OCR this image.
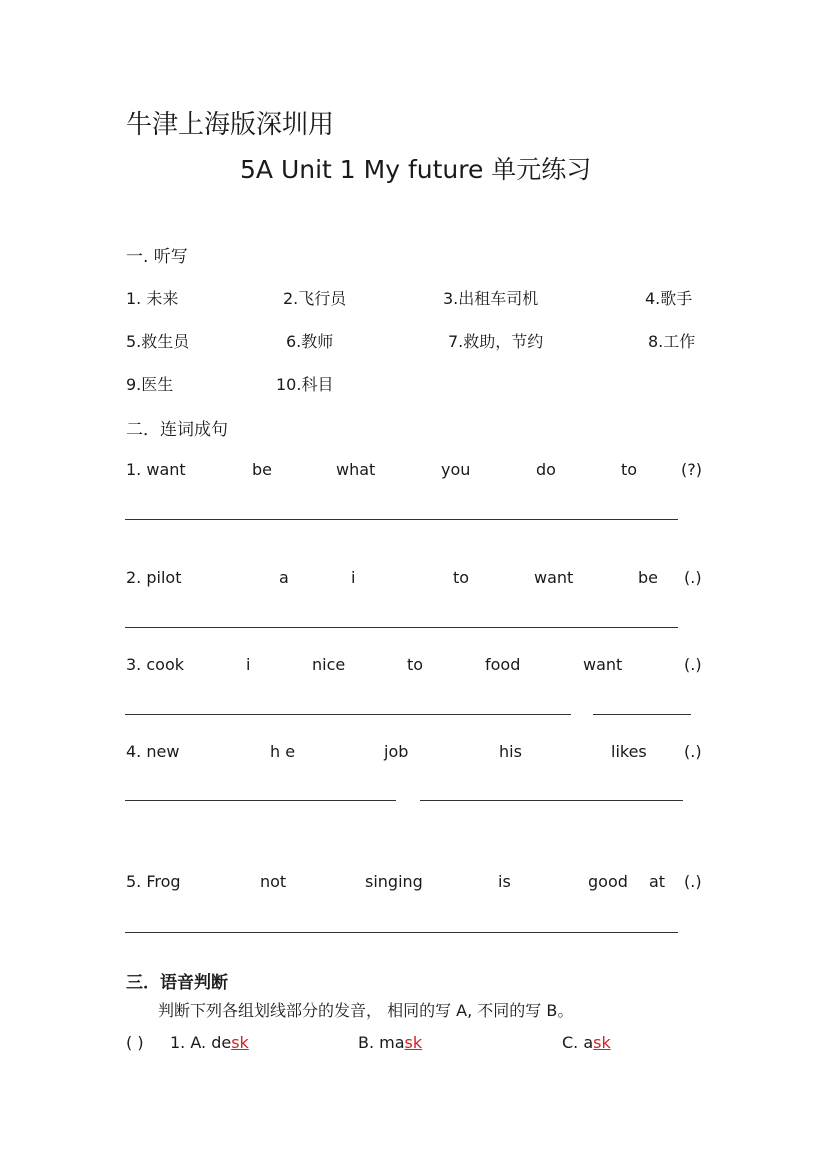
牛津上海版深圳用
5A Unit 1 My future 单元练习
一. 听写
1. 未来	2.飞行员	3.出租车司机	4.歌手
5.救生员	6.教师	7.救助，节约	8.工作
9.医生	10.科目
二．连词成句
1. want	be	what	you	do	to	(?)
2. pilot	a	i	to	want	be (.)
3. cook	i	nice	to	food	want	(.)
4. new	h e	job	his	likes (.)
5. Frog	not	singing	is	good at (.)
三．语音判断
判断下列各组划线部分的发音， 相同的写 A, 不同的写 B。
( ) 1. A. desk	B. mask	C. ask
